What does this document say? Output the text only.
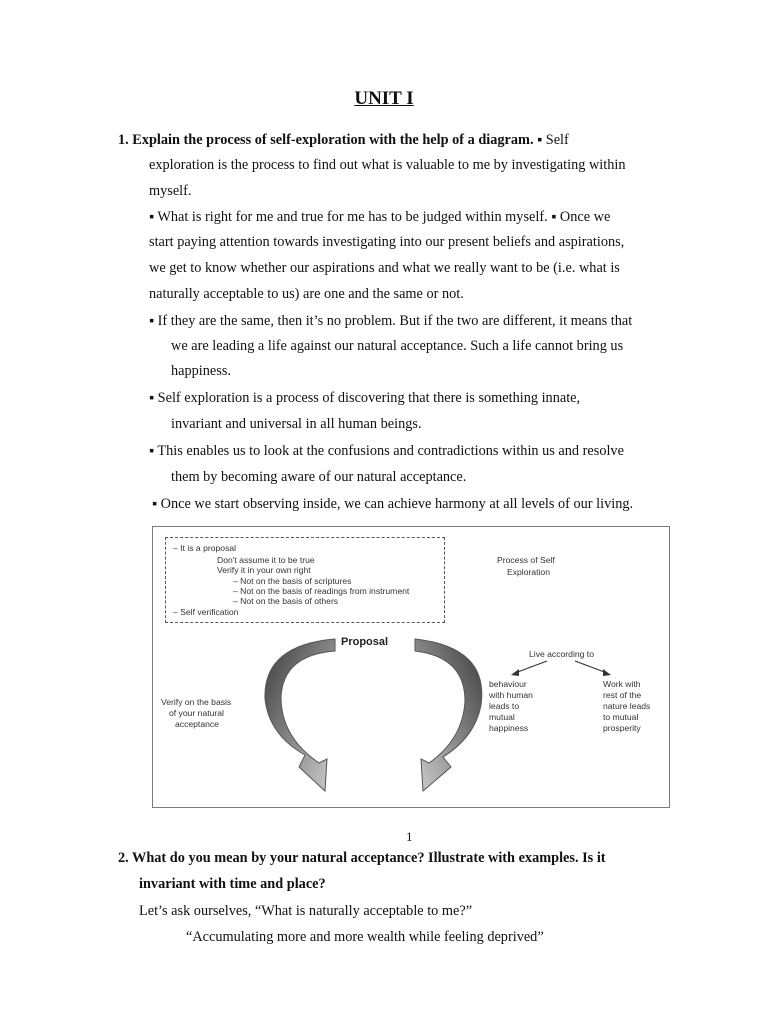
UNIT I
1. Explain the process of self-exploration with the help of a diagram. ▪ Self
exploration is the process to find out what is valuable to me by investigating within
myself.
▪ What is right for me and true for me has to be judged within myself. ▪ Once we
start paying attention towards investigating into our present beliefs and aspirations,
we get to know whether our aspirations and what we really want to be (i.e. what is
naturally acceptable to us) are one and the same or not.
▪ If they are the same, then it’s no problem. But if the two are different, it means that
we are leading a life against our natural acceptance. Such a life cannot bring us
happiness.
▪ Self exploration is a process of discovering that there is something innate,
invariant and universal in all human beings.
▪ This enables us to look at the confusions and contradictions within us and resolve
them by becoming aware of our natural acceptance.
▪ Once we start observing inside, we can achieve harmony at all levels of our living.
– It is a proposal
Don't assume it to be true
Verify it in your own right
– Not on the basis of scriptures
– Not on the basis of readings from instrument
– Not on the basis of others
– Self verification
Process of Self
Exploration
Proposal
Verify on the basis
of your natural
acceptance
Live according to
behaviour
with human
leads to
mutual
happiness
Work with
rest of the
nature leads
to mutual
prosperity
1
2. What do you mean by your natural acceptance? Illustrate with examples. Is it
invariant with time and place?
Let’s ask ourselves, “What is naturally acceptable to me?”
“Accumulating more and more wealth while feeling deprived”
